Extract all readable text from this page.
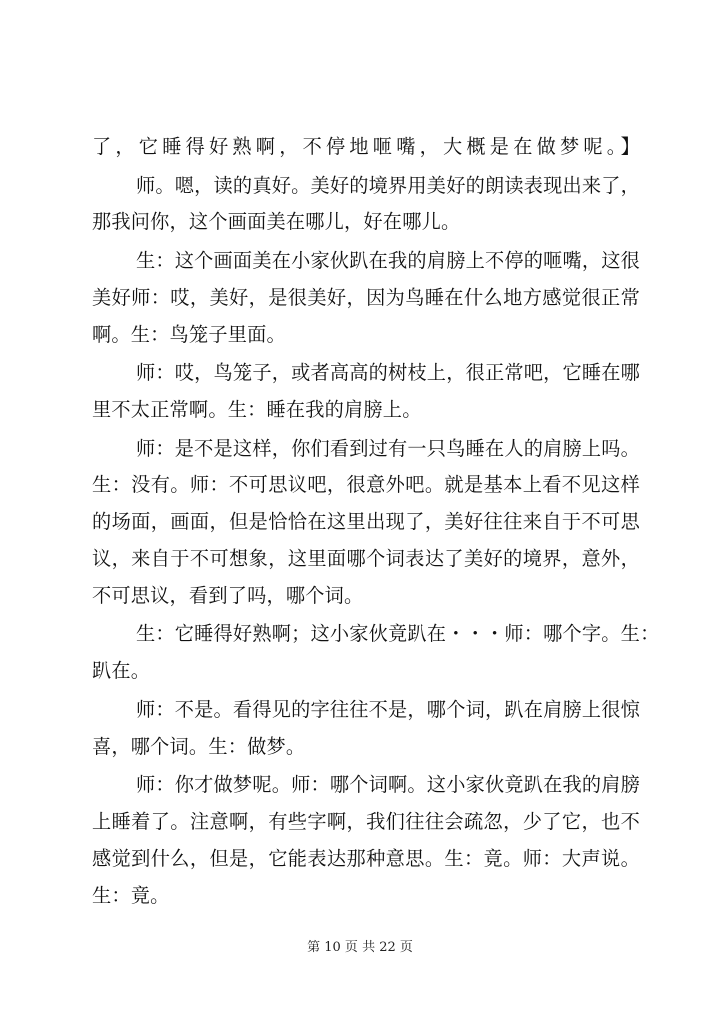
了，它睡得好熟啊，不停地咂嘴，大概是在做梦呢。】
师。嗯，读的真好。美好的境界用美好的朗读表现出来了，
那我问你，这个画面美在哪儿，好在哪儿。
生：这个画面美在小家伙趴在我的肩膀上不停的咂嘴，这很
美好师：哎，美好，是很美好，因为鸟睡在什么地方感觉很正常
啊。生：鸟笼子里面。
师：哎，鸟笼子，或者高高的树枝上，很正常吧，它睡在哪
里不太正常啊。生：睡在我的肩膀上。
师：是不是这样，你们看到过有一只鸟睡在人的肩膀上吗。
生：没有。师：不可思议吧，很意外吧。就是基本上看不见这样
的场面，画面，但是恰恰在这里出现了，美好往往来自于不可思
议，来自于不可想象，这里面哪个词表达了美好的境界，意外，
不可思议，看到了吗，哪个词。
生：它睡得好熟啊；这小家伙竟趴在・・・师：哪个字。生：
趴在。
师：不是。看得见的字往往不是，哪个词，趴在肩膀上很惊
喜，哪个词。生：做梦。
师：你才做梦呢。师：哪个词啊。这小家伙竟趴在我的肩膀
上睡着了。注意啊，有些字啊，我们往往会疏忽，少了它，也不
感觉到什么，但是，它能表达那种意思。生：竟。师：大声说。
生：竟。
第 10 页 共 22 页
